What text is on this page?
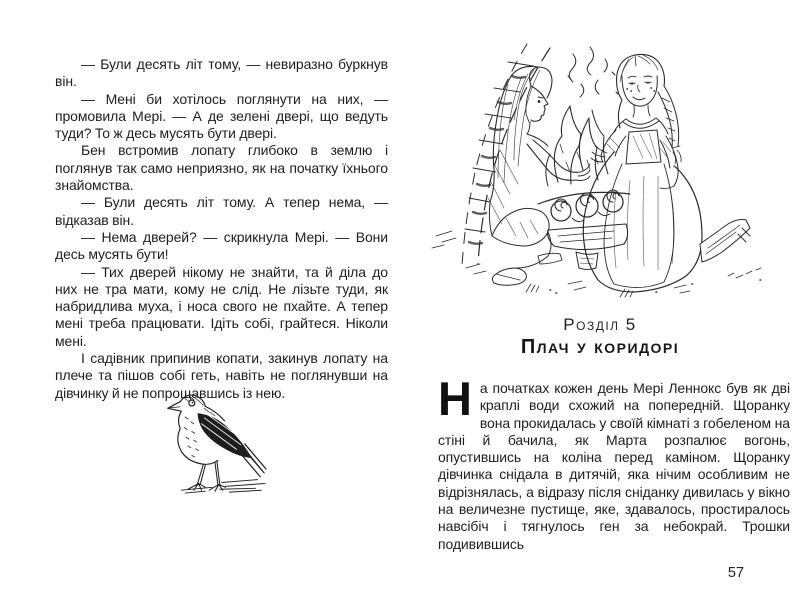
— Були десять літ тому, — невиразно буркнув він.

— Мені би хотілось поглянути на них, — промовила Мері. — А де зелені двері, що ведуть туди? То ж десь мусять бути двері.

Бен встромив лопату глибоко в землю і поглянув так само неприязно, як на початку їхнього знайомства.

— Були десять літ тому. А тепер нема, — відказав він.

— Нема дверей? — скрикнула Мері. — Вони десь мусять бути!

— Тих дверей нікому не знайти, та й діла до них не тра мати, кому не слід. Не лізьте туди, як набридлива муха, і носа свого не пхайте. А тепер мені треба працювати. Ідіть собі, грайтеся. Ніколи мені.

І садівник припинив копати, закинув лопату на плече та пішов собі геть, навіть не поглянувши на дівчинку й не попрощавшись із нею.

Розділ 5
Плач у коридорі

На початках кожен день Мері Леннокс був як дві краплі води схожий на попередній. Щоранку вона прокидалась у своїй кімнаті з гобеленом на стіні й бачила, як Марта розпалює вогонь, опустившись на коліна перед каміном. Щоранку дівчинка снідала в дитячій, яка нічим особливим не відрізнялась, а відразу після сніданку дивилась у вікно на величезне пустище, яке, здавалось, простиралось навсібіч і тягнулось ген за небокрай. Трошки подивившись

57
